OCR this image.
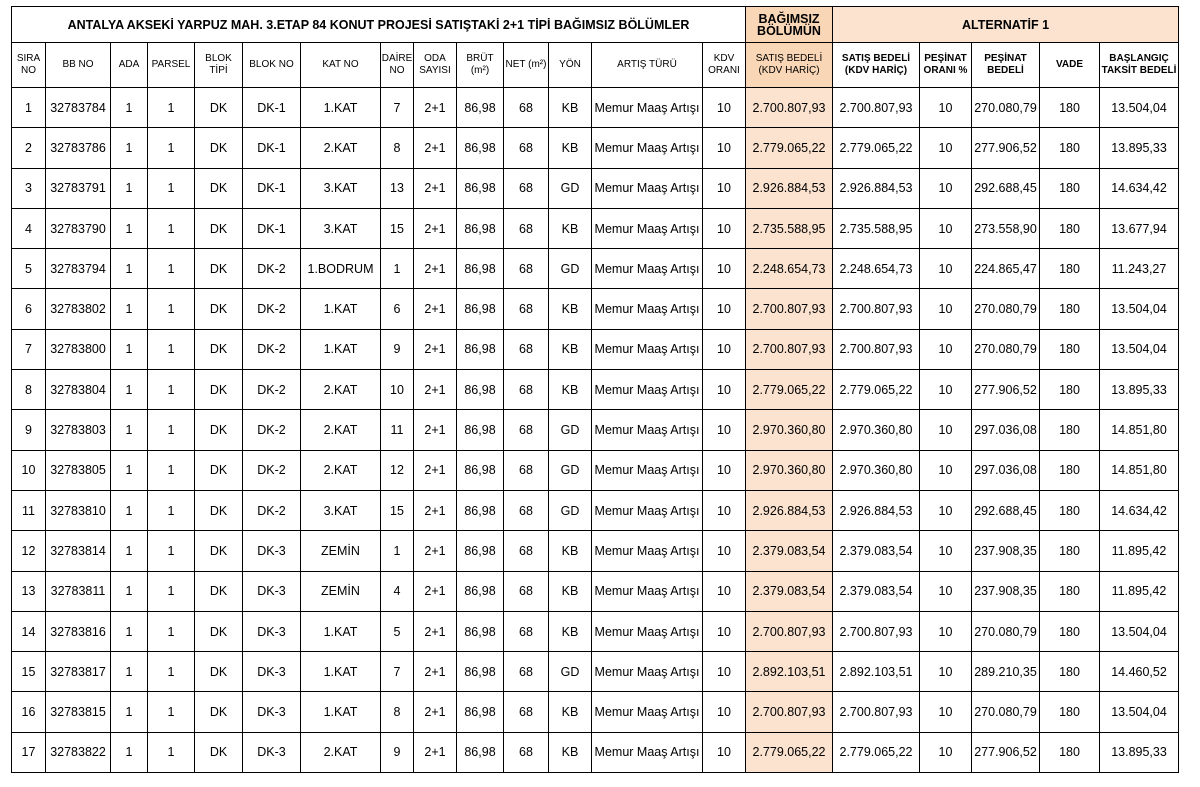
ANTALYA AKSEKİ YARPUZ MAH. 3.ETAP 84 KONUT PROJESİ SATIŞTAKİ 2+1 TİPİ BAĞIMSIZ BÖLÜMLER														BAĞIMSIZ BÖLÜMÜN	ALTERNATİF 1				
SIRA NO	BB NO	ADA	PARSEL	BLOK TİPİ	BLOK NO	KAT NO	DAİRE NO	ODA SAYISI	BRÜT (m²)	NET (m²)	YÖN	ARTIŞ TÜRÜ	KDV ORANI	SATIŞ BEDELİ (KDV HARİÇ)	SATIŞ BEDELİ (KDV HARİÇ)	PEŞİNAT ORANI %	PEŞİNAT BEDELİ	VADE	BAŞLANGIÇ TAKSİT BEDELİ
1	32783784	1	1	DK	DK-1	1.KAT	7	2+1	86,98	68	KB	Memur Maaş Artışı	10	2.700.807,93	2.700.807,93	10	270.080,79	180	13.504,04
2	32783786	1	1	DK	DK-1	2.KAT	8	2+1	86,98	68	KB	Memur Maaş Artışı	10	2.779.065,22	2.779.065,22	10	277.906,52	180	13.895,33
3	32783791	1	1	DK	DK-1	3.KAT	13	2+1	86,98	68	GD	Memur Maaş Artışı	10	2.926.884,53	2.926.884,53	10	292.688,45	180	14.634,42
4	32783790	1	1	DK	DK-1	3.KAT	15	2+1	86,98	68	KB	Memur Maaş Artışı	10	2.735.588,95	2.735.588,95	10	273.558,90	180	13.677,94
5	32783794	1	1	DK	DK-2	1.BODRUM	1	2+1	86,98	68	GD	Memur Maaş Artışı	10	2.248.654,73	2.248.654,73	10	224.865,47	180	11.243,27
6	32783802	1	1	DK	DK-2	1.KAT	6	2+1	86,98	68	KB	Memur Maaş Artışı	10	2.700.807,93	2.700.807,93	10	270.080,79	180	13.504,04
7	32783800	1	1	DK	DK-2	1.KAT	9	2+1	86,98	68	KB	Memur Maaş Artışı	10	2.700.807,93	2.700.807,93	10	270.080,79	180	13.504,04
8	32783804	1	1	DK	DK-2	2.KAT	10	2+1	86,98	68	KB	Memur Maaş Artışı	10	2.779.065,22	2.779.065,22	10	277.906,52	180	13.895,33
9	32783803	1	1	DK	DK-2	2.KAT	11	2+1	86,98	68	GD	Memur Maaş Artışı	10	2.970.360,80	2.970.360,80	10	297.036,08	180	14.851,80
10	32783805	1	1	DK	DK-2	2.KAT	12	2+1	86,98	68	GD	Memur Maaş Artışı	10	2.970.360,80	2.970.360,80	10	297.036,08	180	14.851,80
11	32783810	1	1	DK	DK-2	3.KAT	15	2+1	86,98	68	GD	Memur Maaş Artışı	10	2.926.884,53	2.926.884,53	10	292.688,45	180	14.634,42
12	32783814	1	1	DK	DK-3	ZEMİN	1	2+1	86,98	68	KB	Memur Maaş Artışı	10	2.379.083,54	2.379.083,54	10	237.908,35	180	11.895,42
13	32783811	1	1	DK	DK-3	ZEMİN	4	2+1	86,98	68	KB	Memur Maaş Artışı	10	2.379.083,54	2.379.083,54	10	237.908,35	180	11.895,42
14	32783816	1	1	DK	DK-3	1.KAT	5	2+1	86,98	68	KB	Memur Maaş Artışı	10	2.700.807,93	2.700.807,93	10	270.080,79	180	13.504,04
15	32783817	1	1	DK	DK-3	1.KAT	7	2+1	86,98	68	GD	Memur Maaş Artışı	10	2.892.103,51	2.892.103,51	10	289.210,35	180	14.460,52
16	32783815	1	1	DK	DK-3	1.KAT	8	2+1	86,98	68	KB	Memur Maaş Artışı	10	2.700.807,93	2.700.807,93	10	270.080,79	180	13.504,04
17	32783822	1	1	DK	DK-3	2.KAT	9	2+1	86,98	68	KB	Memur Maaş Artışı	10	2.779.065,22	2.779.065,22	10	277.906,52	180	13.895,33
